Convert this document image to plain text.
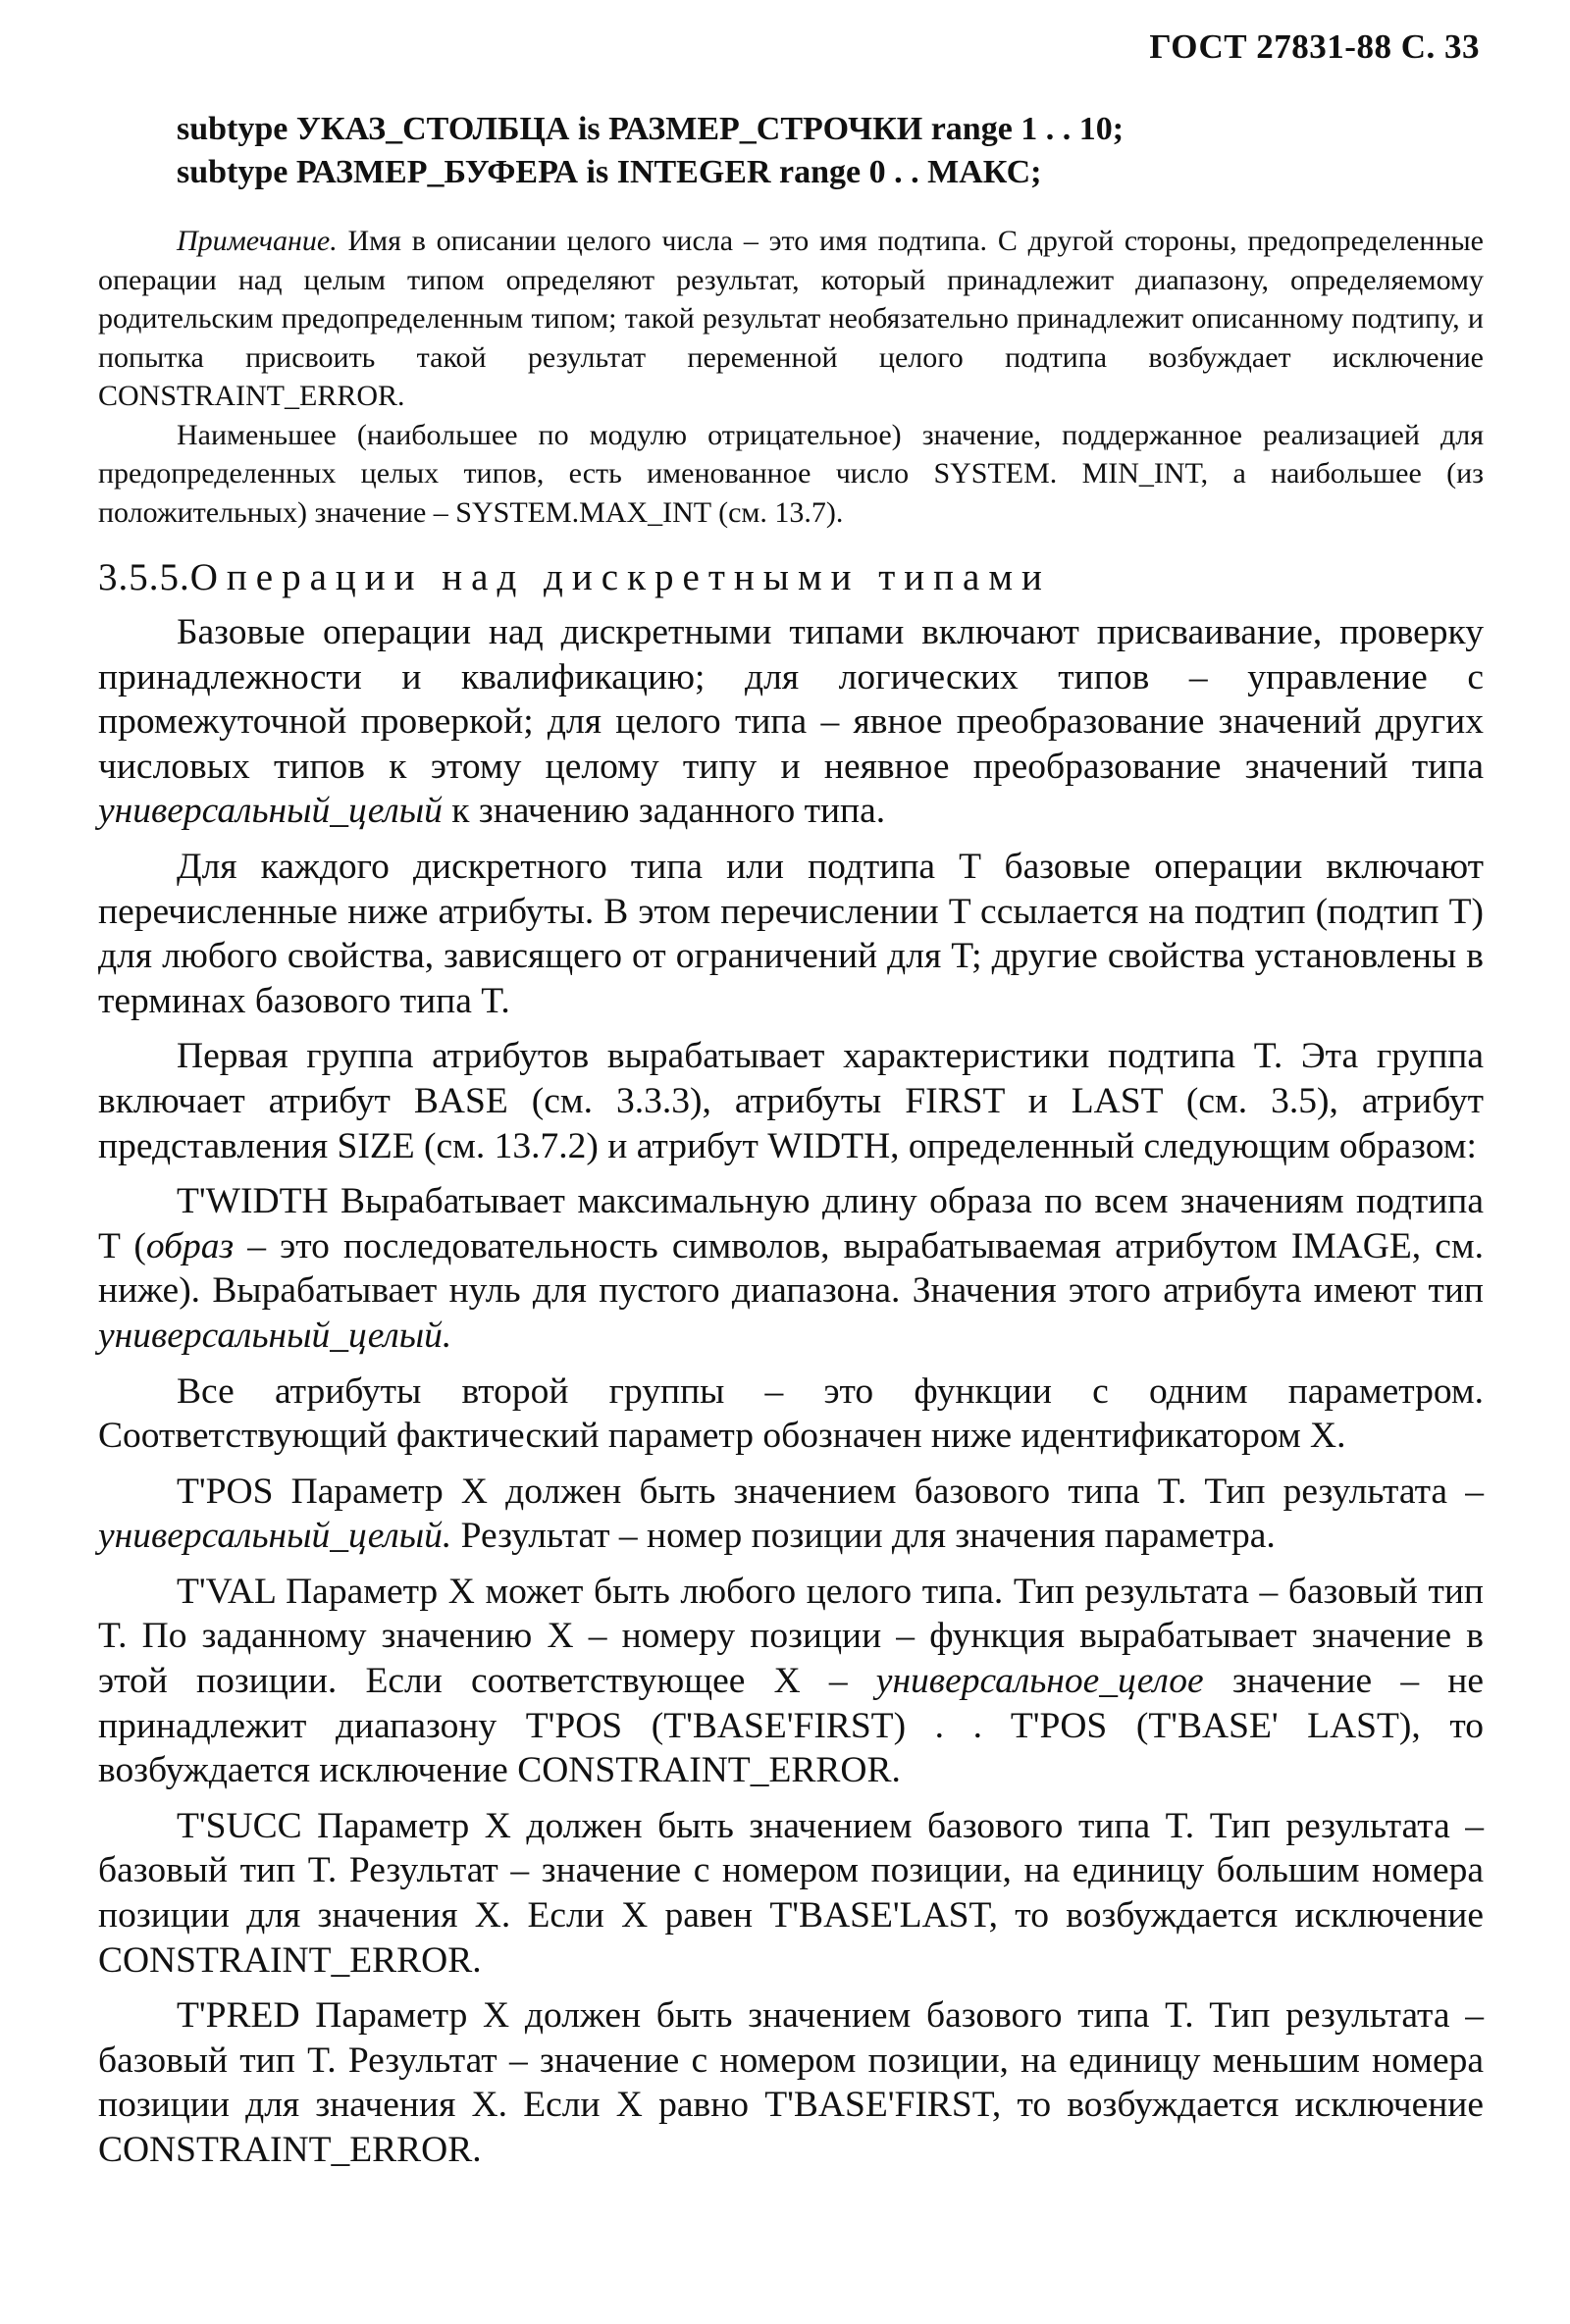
ГОСТ 27831-88 С. 33
subtype УКАЗ_СТОЛБЦА is РАЗМЕР_СТРОЧКИ range 1 . . 10;
subtype РАЗМЕР_БУФЕРА is INTEGER range 0 . . МАКС;

Примечание. Имя в описании целого числа – это имя подтипа. С другой стороны, предопределенные операции над целым типом определяют результат, который принадлежит диапазону, определяемому родительским предопределенным типом; такой результат необязательно принадлежит описанному подтипу, и попытка присвоить такой результат переменной целого подтипа возбуждает исключение CONSTRAINT_ERROR.

Наименьшее (наибольшее по модулю отрицательное) значение, поддержанное реализацией для предопределенных целых типов, есть именованное число SYSTEM. MIN_INT, а наибольшее (из положительных) значение – SYSTEM.MAX_INT (см. 13.7).

3.5.5.Операции над дискретными типами

Базовые операции над дискретными типами включают присваивание, проверку принадлежности и квалификацию; для логических типов – управление с промежуточной проверкой; для целого типа – явное преобразование значений других числовых типов к этому целому типу и неявное преобразование значений типа универсальный_целый к значению заданного типа.

Для каждого дискретного типа или подтипа T базовые операции включают перечисленные ниже атрибуты. В этом перечислении T ссылается на подтип (подтип T) для любого свойства, зависящего от ограничений для T; другие свойства установлены в терминах базового типа T.

Первая группа атрибутов вырабатывает характеристики подтипа T. Эта группа включает атрибут BASE (см. 3.3.3), атрибуты FIRST и LAST (см. 3.5), атрибут представления SIZE (см. 13.7.2) и атрибут WIDTH, определенный следующим образом:

T'WIDTH Вырабатывает максимальную длину образа по всем значениям подтипа T (образ – это последовательность символов, вырабатываемая атрибутом IMAGE, см. ниже). Вырабатывает нуль для пустого диапазона. Значения этого атрибута имеют тип универсальный_целый.

Все атрибуты второй группы – это функции с одним параметром. Соответствующий фактический параметр обозначен ниже идентификатором X.

T'POS Параметр X должен быть значением базового типа T. Тип результата – универсальный_целый. Результат – номер позиции для значения параметра.

T'VAL Параметр X может быть любого целого типа. Тип результата – базовый тип T. По заданному значению X – номеру позиции – функция вырабатывает значение в этой позиции. Если соответствующее X – универсальное_целое значение – не принадлежит диапазону T'POS (T'BASE'FIRST) . . T'POS (T'BASE' LAST), то возбуждается исключение CONSTRAINT_ERROR.

T'SUCC Параметр X должен быть значением базового типа T. Тип результата – базовый тип T. Результат – значение с номером позиции, на единицу большим номера позиции для значения X. Если X равен T'BASE'LAST, то возбуждается исключение CONSTRAINT_ERROR.

T'PRED Параметр X должен быть значением базового типа T. Тип результата – базовый тип T. Результат – значение с номером позиции, на единицу меньшим номера позиции для значения X. Если X равно T'BASE'FIRST, то возбуждается исключение CONSTRAINT_ERROR.
